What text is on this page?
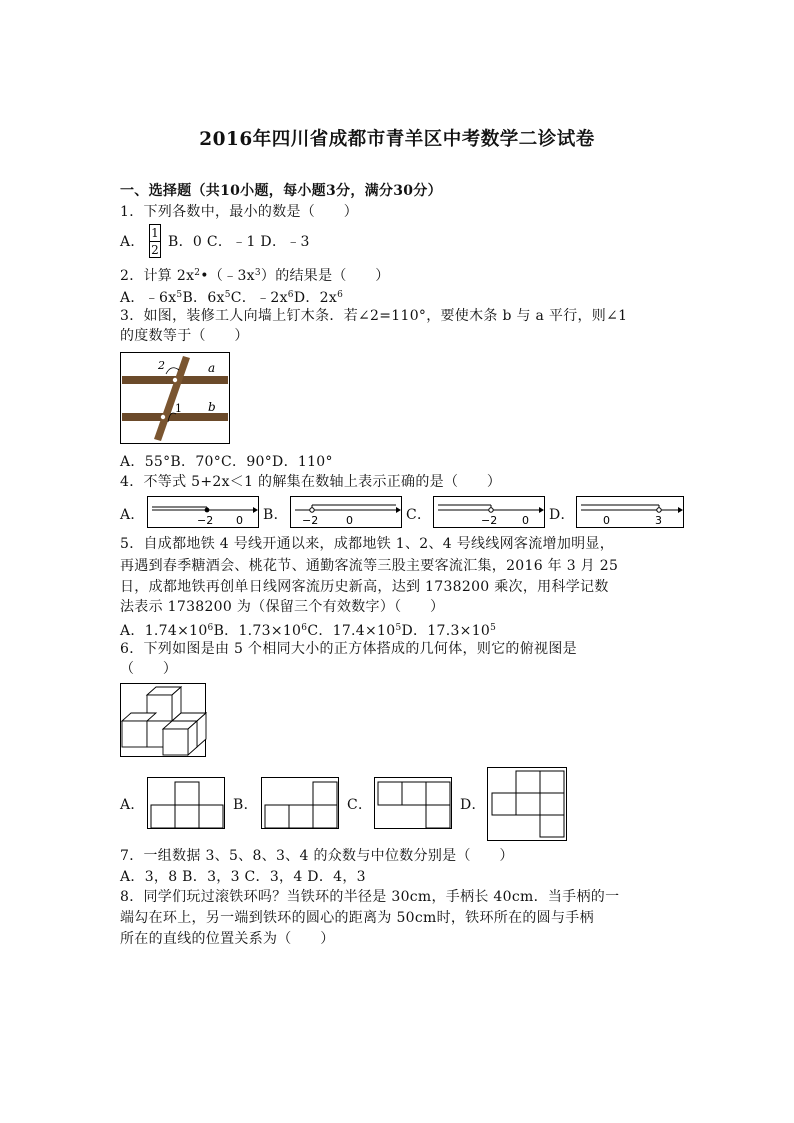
2016年四川省成都市青羊区中考数学二诊试卷
一、选择题（共10小题，每小题3分，满分30分）
1．下列各数中，最小的数是（　　）
A．
1
2 B．0 C．﹣1 D．﹣3
2．计算 $2x^2•(﹣3x^3)$的结果是（　　）
A．$﹣6x^5B$．$6x^5C$．$﹣2x^6D$．$2x^6$
3．如图，装修工人向墙上钉木条．若∠2=110°，要使木条 b 与 a 平行，则∠1
的度数等于（　　）
2
1
a
b
A．55°B．70°C．90°D．110°
4．不等式 5+2x＜1 的解集在数轴上表示正确的是（　　）
A．	−2 0 B． −2	0	C．	−2 0 D．	0	3
5．自成都地铁 4 号线开通以来，成都地铁 1、2、4 号线线网客流增加明显，
再遇到春季糖酒会、桃花节、通勤客流等三股主要客流汇集，2016 年 3 月 25
日，成都地铁再创单日线网客流历史新高，达到 1738200 乘次，用科学记数
法表示 1738200 为（保留三个有效数字）（　　）
A．$1.74\times 10^6B$．$1.73\times 10^6C$．$17.4\times 10^5D$．$17.3\times 10^5$
6．下列如图是由 5 个相同大小的正方体搭成的几何体，则它的俯视图是
（　　）
A．	B．	C．	D．
7．一组数据 3、5、8、3、4 的众数与中位数分别是（　　）
A．3，8 B．3，3 C．3，4 D．4，3
8．同学们玩过滚铁环吗？当铁环的半径是 30cm，手柄长 40cm．当手柄的一
端勾在环上，另一端到铁环的圆心的距离为 50cm时，铁环所在的圆与手柄
所在的直线的位置关系为（　　）
